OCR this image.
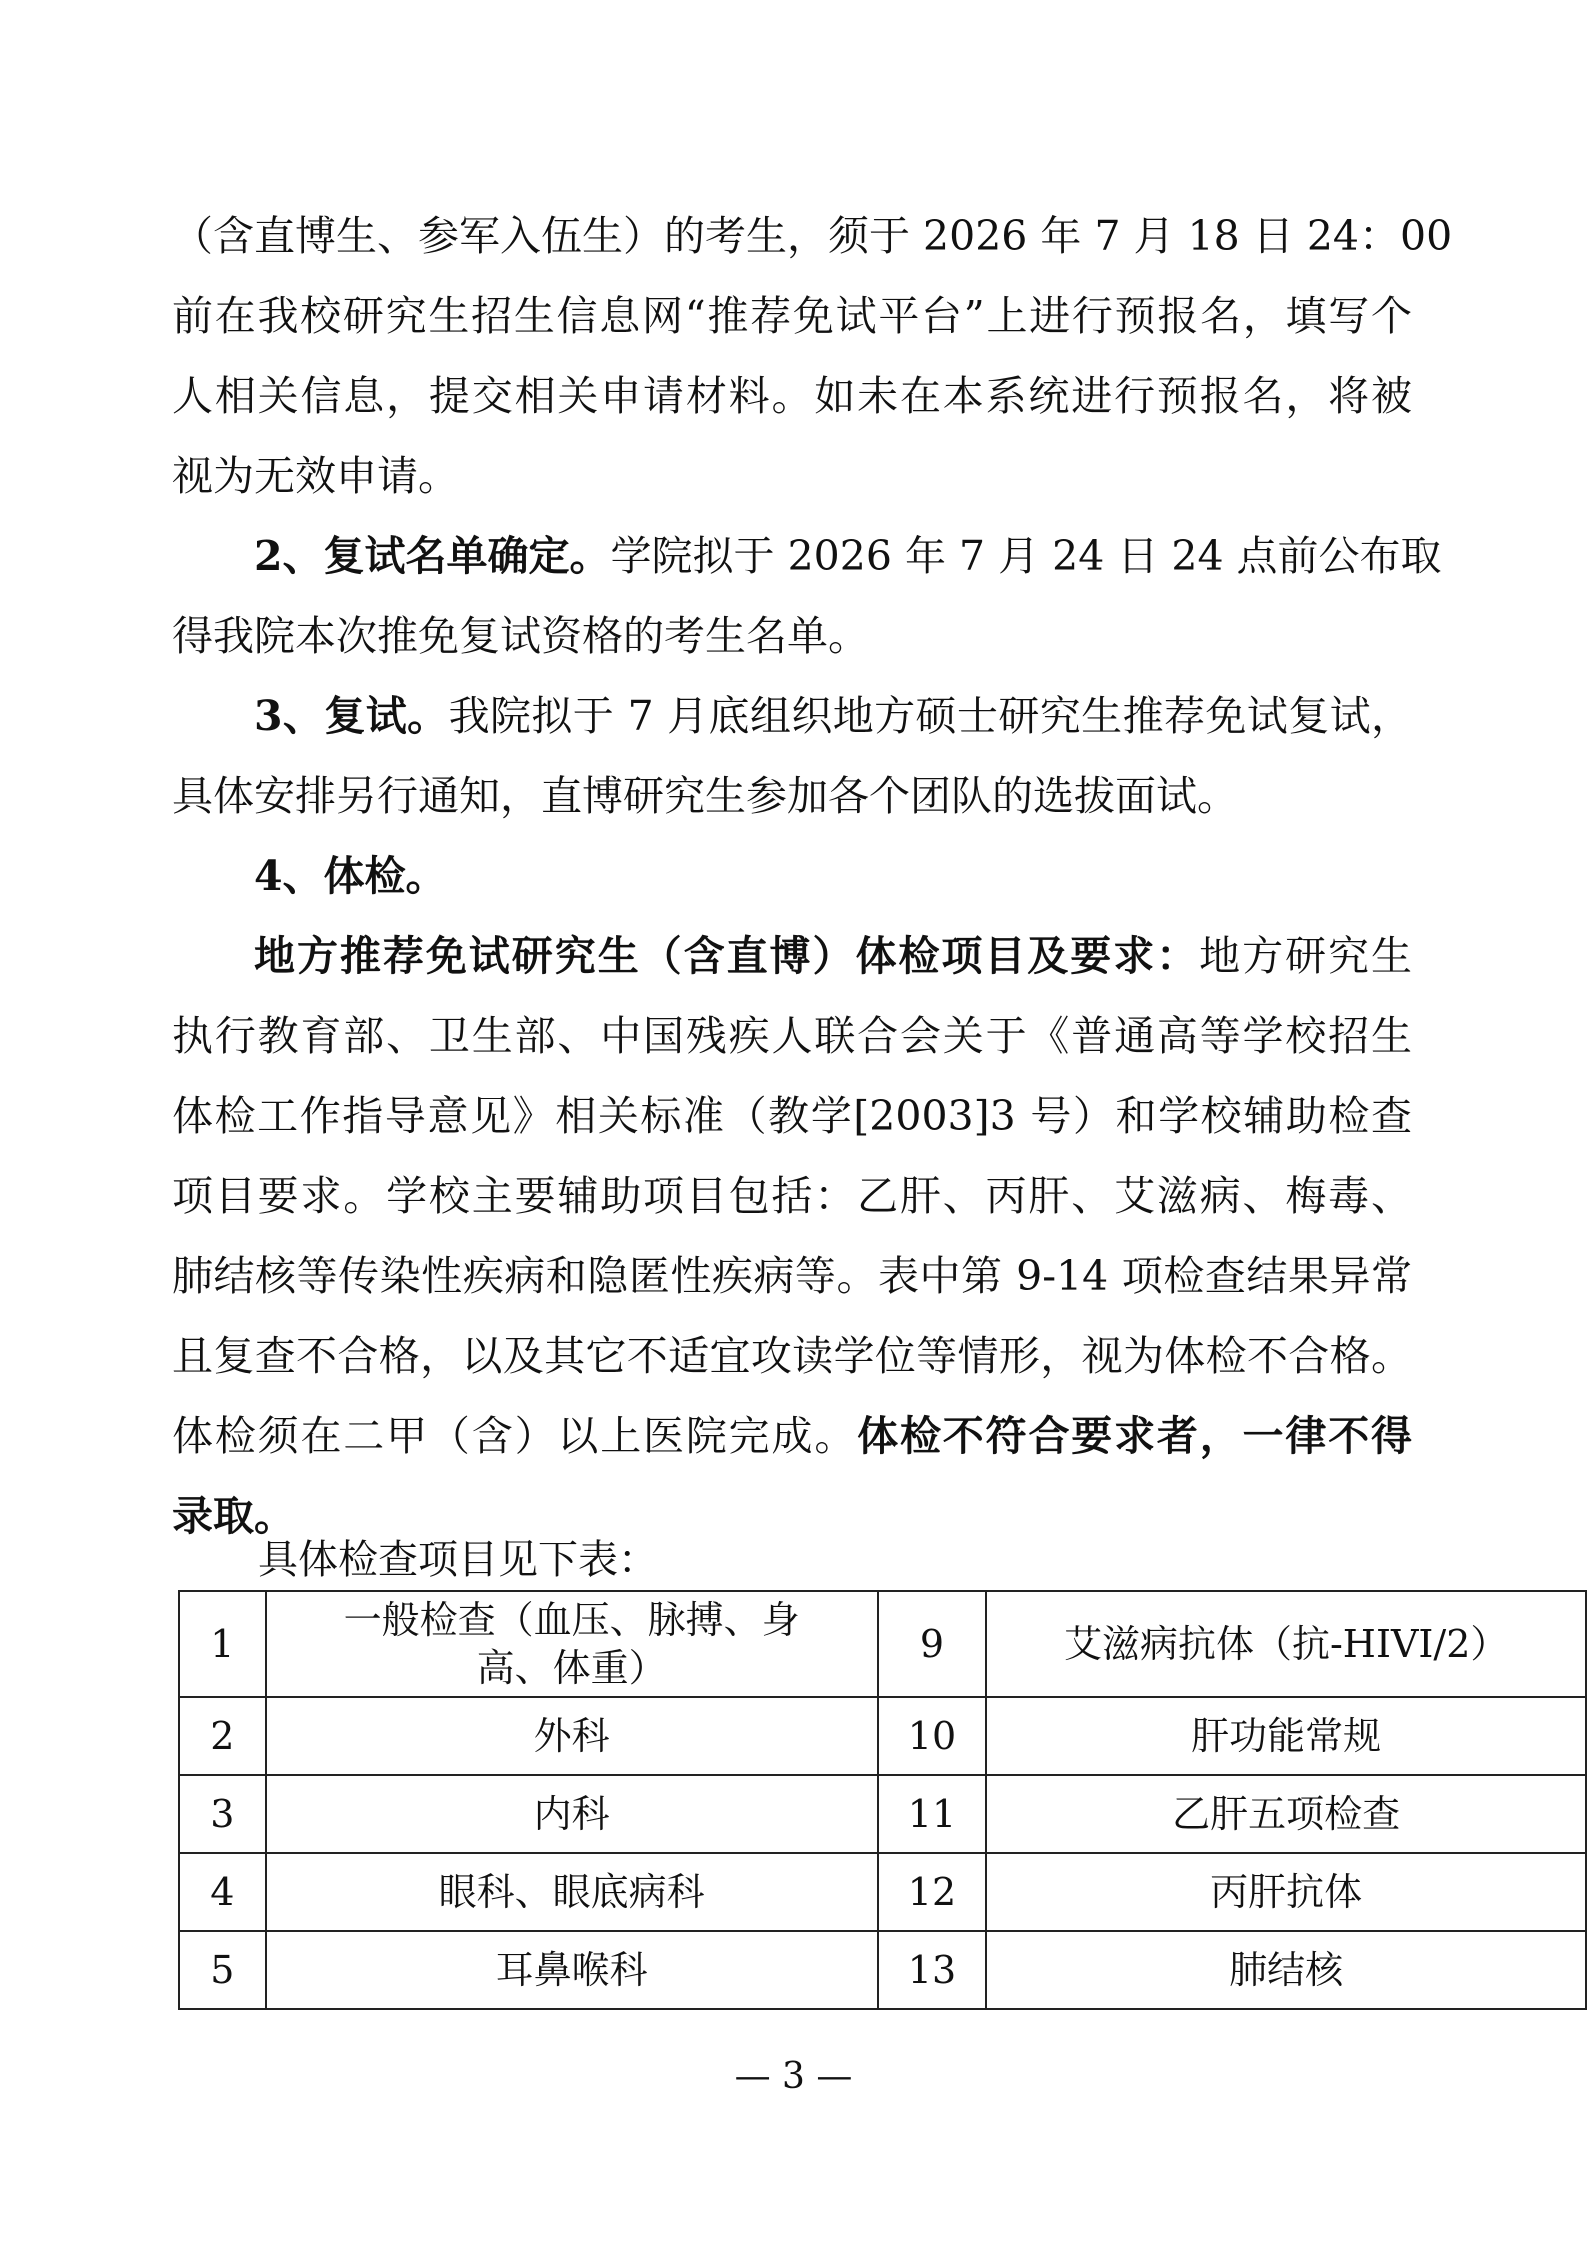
（含直博生、参军入伍生）的考生，须于 2026 年 7 月 18 日 24：00
前在我校研究生招生信息网“推荐免试平台”上进行预报名，填写个
人相关信息，提交相关申请材料。如未在本系统进行预报名，将被
视为无效申请。
2、复试名单确定。学院拟于 2026 年 7 月 24 日 24 点前公布取
得我院本次推免复试资格的考生名单。
3、复试。我院拟于 7 月底组织地方硕士研究生推荐免试复试，
具体安排另行通知，直博研究生参加各个团队的选拔面试。
4、体检。
地方推荐免试研究生（含直博）体检项目及要求：地方研究生
执行教育部、卫生部、中国残疾人联合会关于《普通高等学校招生
体检工作指导意见》相关标准（教学[2003]3 号）和学校辅助检查
项目要求。学校主要辅助项目包括：乙肝、丙肝、艾滋病、梅毒、
肺结核等传染性疾病和隐匿性疾病等。表中第 9-14 项检查结果异常
且复查不合格，以及其它不适宜攻读学位等情形，视为体检不合格。
体检须在二甲（含）以上医院完成。体检不符合要求者，一律不得
录取。
具体检查项目见下表：
1	一般检查（血压、脉搏、身高、体重）	9	艾滋病抗体（抗-HIVI/2）
2	外科	10	肝功能常规
3	内科	11	乙肝五项检查
4	眼科、眼底病科	12	丙肝抗体
5	耳鼻喉科	13	肺结核
— 3 —
